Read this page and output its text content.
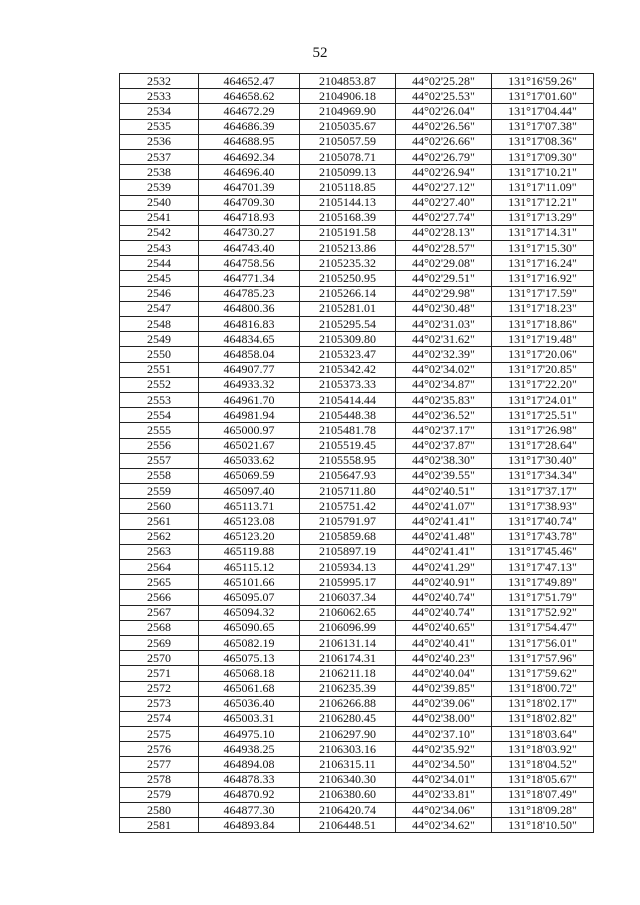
52
2532	464652.47	2104853.87	44°02'25.28"	131°16'59.26"
2533	464658.62	2104906.18	44°02'25.53"	131°17'01.60"
2534	464672.29	2104969.90	44°02'26.04"	131°17'04.44"
2535	464686.39	2105035.67	44°02'26.56"	131°17'07.38"
2536	464688.95	2105057.59	44°02'26.66"	131°17'08.36"
2537	464692.34	2105078.71	44°02'26.79"	131°17'09.30"
2538	464696.40	2105099.13	44°02'26.94"	131°17'10.21"
2539	464701.39	2105118.85	44°02'27.12"	131°17'11.09"
2540	464709.30	2105144.13	44°02'27.40"	131°17'12.21"
2541	464718.93	2105168.39	44°02'27.74"	131°17'13.29"
2542	464730.27	2105191.58	44°02'28.13"	131°17'14.31"
2543	464743.40	2105213.86	44°02'28.57"	131°17'15.30"
2544	464758.56	2105235.32	44°02'29.08"	131°17'16.24"
2545	464771.34	2105250.95	44°02'29.51"	131°17'16.92"
2546	464785.23	2105266.14	44°02'29.98"	131°17'17.59"
2547	464800.36	2105281.01	44°02'30.48"	131°17'18.23"
2548	464816.83	2105295.54	44°02'31.03"	131°17'18.86"
2549	464834.65	2105309.80	44°02'31.62"	131°17'19.48"
2550	464858.04	2105323.47	44°02'32.39"	131°17'20.06"
2551	464907.77	2105342.42	44°02'34.02"	131°17'20.85"
2552	464933.32	2105373.33	44°02'34.87"	131°17'22.20"
2553	464961.70	2105414.44	44°02'35.83"	131°17'24.01"
2554	464981.94	2105448.38	44°02'36.52"	131°17'25.51"
2555	465000.97	2105481.78	44°02'37.17"	131°17'26.98"
2556	465021.67	2105519.45	44°02'37.87"	131°17'28.64"
2557	465033.62	2105558.95	44°02'38.30"	131°17'30.40"
2558	465069.59	2105647.93	44°02'39.55"	131°17'34.34"
2559	465097.40	2105711.80	44°02'40.51"	131°17'37.17"
2560	465113.71	2105751.42	44°02'41.07"	131°17'38.93"
2561	465123.08	2105791.97	44°02'41.41"	131°17'40.74"
2562	465123.20	2105859.68	44°02'41.48"	131°17'43.78"
2563	465119.88	2105897.19	44°02'41.41"	131°17'45.46"
2564	465115.12	2105934.13	44°02'41.29"	131°17'47.13"
2565	465101.66	2105995.17	44°02'40.91"	131°17'49.89"
2566	465095.07	2106037.34	44°02'40.74"	131°17'51.79"
2567	465094.32	2106062.65	44°02'40.74"	131°17'52.92"
2568	465090.65	2106096.99	44°02'40.65"	131°17'54.47"
2569	465082.19	2106131.14	44°02'40.41"	131°17'56.01"
2570	465075.13	2106174.31	44°02'40.23"	131°17'57.96"
2571	465068.18	2106211.18	44°02'40.04"	131°17'59.62"
2572	465061.68	2106235.39	44°02'39.85"	131°18'00.72"
2573	465036.40	2106266.88	44°02'39.06"	131°18'02.17"
2574	465003.31	2106280.45	44°02'38.00"	131°18'02.82"
2575	464975.10	2106297.90	44°02'37.10"	131°18'03.64"
2576	464938.25	2106303.16	44°02'35.92"	131°18'03.92"
2577	464894.08	2106315.11	44°02'34.50"	131°18'04.52"
2578	464878.33	2106340.30	44°02'34.01"	131°18'05.67"
2579	464870.92	2106380.60	44°02'33.81"	131°18'07.49"
2580	464877.30	2106420.74	44°02'34.06"	131°18'09.28"
2581	464893.84	2106448.51	44°02'34.62"	131°18'10.50"
